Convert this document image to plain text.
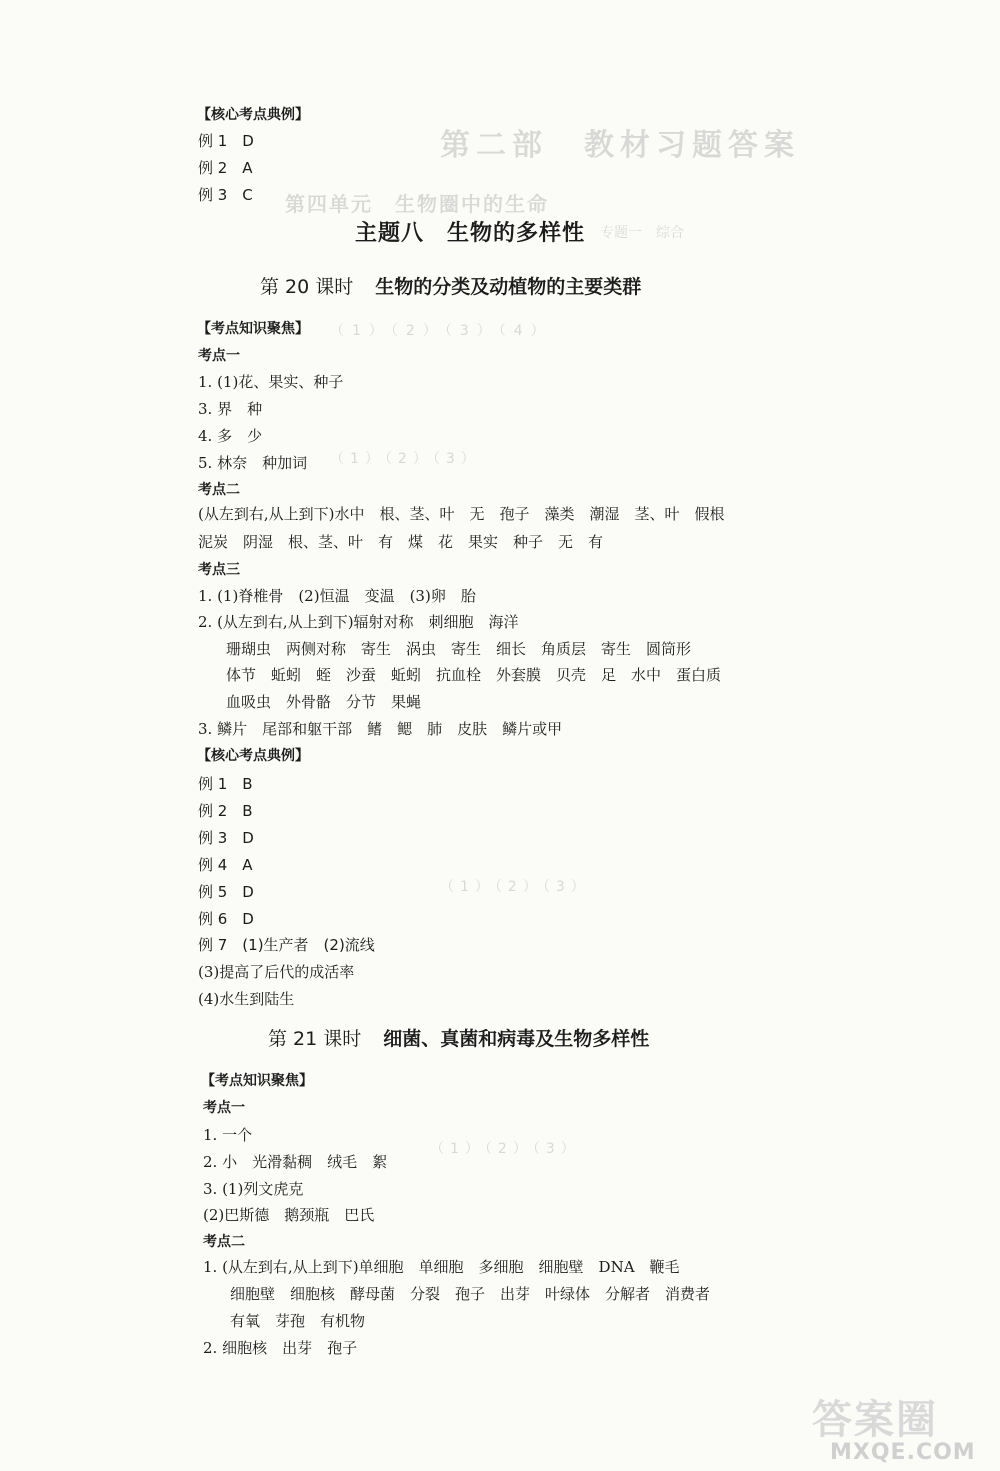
第二部　教材习题答案
第四单元　生物圈中的生命
专题一　综合
（1）（2）（3）（4）
（1）（2）（3）
（1）（2）（3）
（1）（2）（3）
【核心考点典例】
例 1　D
例 2　A
例 3　C
主题八　生物的多样性
第 20 课时 生物的分类及动植物的主要类群
【考点知识聚焦】
考点一
1. (1)花、果实、种子
3. 界　种
4. 多　少
5. 林奈　种加词
考点二
(从左到右,从上到下)水中　根、茎、叶　无　孢子　藻类　潮湿　茎、叶　假根
泥炭　阴湿　根、茎、叶　有　煤　花　果实　种子　无　有
考点三
1. (1)脊椎骨　(2)恒温　变温　(3)卵　胎
2. (从左到右,从上到下)辐射对称　刺细胞　海洋
珊瑚虫　两侧对称　寄生　涡虫　寄生　细长　角质层　寄生　圆筒形
体节　蚯蚓　蛭　沙蚕　蚯蚓　抗血栓　外套膜　贝壳　足　水中　蛋白质
血吸虫　外骨骼　分节　果蝇
3. 鳞片　尾部和躯干部　鳍　鳃　肺　皮肤　鳞片或甲
【核心考点典例】
例 1　B
例 2　B
例 3　D
例 4　A
例 5　D
例 6　D
例 7　(1)生产者　(2)流线
(3)提高了后代的成活率
(4)水生到陆生
第 21 课时 细菌、真菌和病毒及生物多样性
【考点知识聚焦】
考点一
1. 一个
2. 小　光滑黏稠　绒毛　絮
3. (1)列文虎克
(2)巴斯德　鹅颈瓶　巴氏
考点二
1. (从左到右,从上到下)单细胞　单细胞　多细胞　细胞壁　DNA　鞭毛
细胞壁　细胞核　酵母菌　分裂　孢子　出芽　叶绿体　分解者　消费者
有氧　芽孢　有机物
2. 细胞核　出芽　孢子
答案圈
MXQE.COM
